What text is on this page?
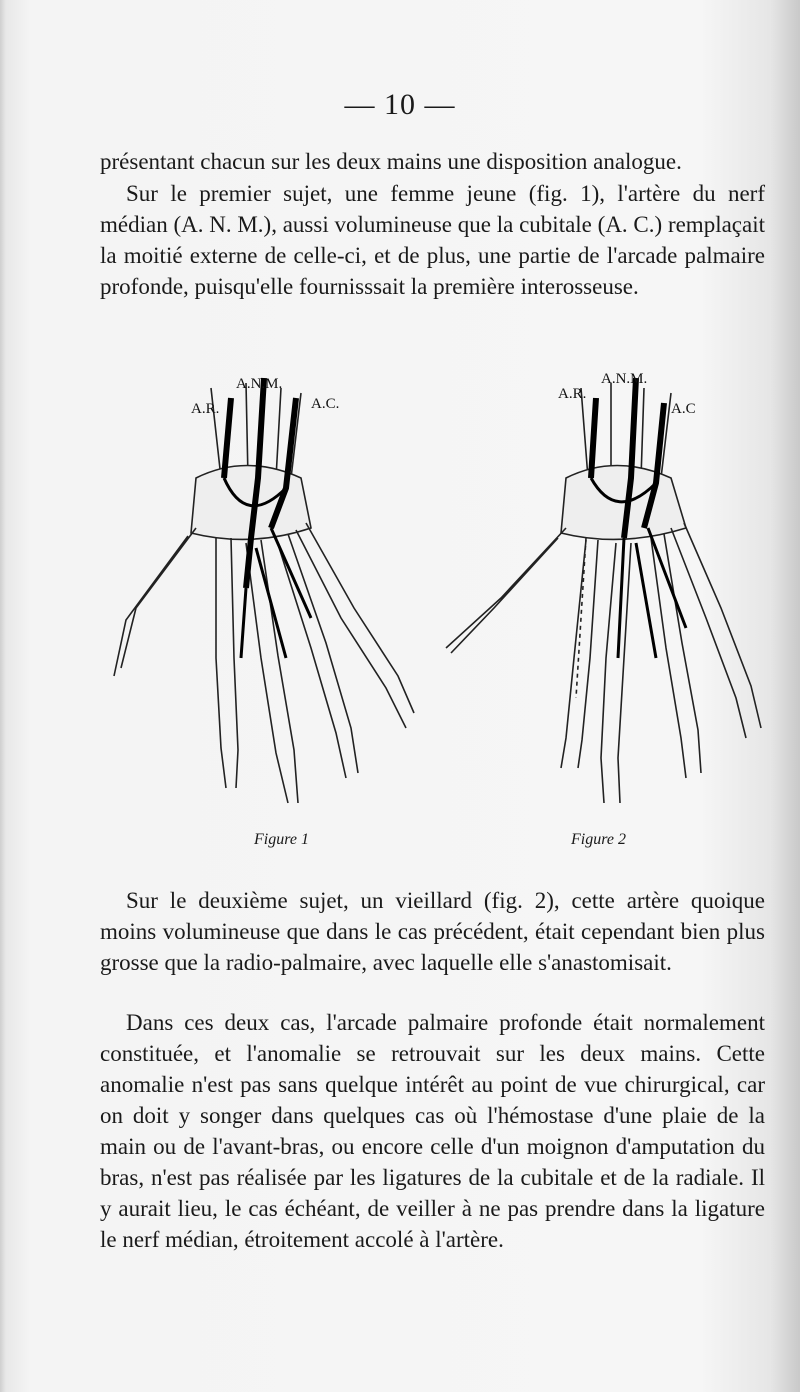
— 10 —

présentant chacun sur les deux mains une disposition analogue.

Sur le premier sujet, une femme jeune (fig. 1), l'artère du nerf médian (A. N. M.), aussi volumineuse que la cubitale (A. C.) remplaçait la moitié externe de celle-ci, et de plus, une partie de l'arcade palmaire profonde, puisqu'elle fournisssait la première interosseuse.

A.R.
A.N.M.
A.C.
A.R.
A.N.M.
A.C
Figure 1	Figure 2

Sur le deuxième sujet, un vieillard (fig. 2), cette artère quoique moins volumineuse que dans le cas précédent, était cependant bien plus grosse que la radio-palmaire, avec laquelle elle s'anastomisait.

Dans ces deux cas, l'arcade palmaire profonde était normalement constituée, et l'anomalie se retrouvait sur les deux mains. Cette anomalie n'est pas sans quelque intérêt au point de vue chirurgical, car on doit y songer dans quelques cas où l'hémostase d'une plaie de la main ou de l'avant-bras, ou encore celle d'un moignon d'amputation du bras, n'est pas réalisée par les ligatures de la cubitale et de la radiale. Il y aurait lieu, le cas échéant, de veiller à ne pas prendre dans la ligature le nerf médian, étroitement accolé à l'artère.
